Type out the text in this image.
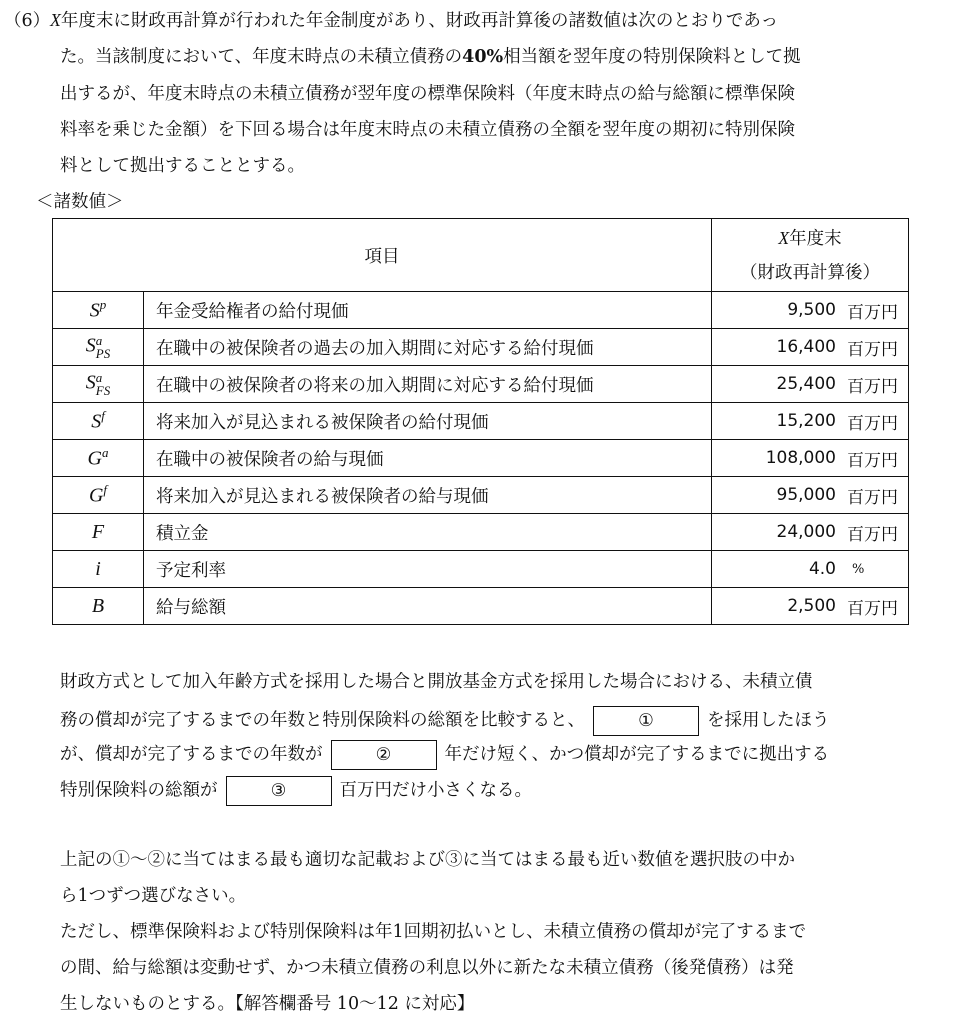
（6）X年度末に財政再計算が行われた年金制度があり、財政再計算後の諸数値は次のとおりであっ
た。当該制度において、年度末時点の未積立債務の40%相当額を翌年度の特別保険料として拠
出するが、年度末時点の未積立債務が翌年度の標準保険料（年度末時点の給与総額に標準保険
料率を乗じた金額）を下回る場合は年度末時点の未積立債務の全額を翌年度の期初に特別保険
料として拠出することとする。
＜諸数値＞
項目		X年度末
（財政再計算後）

$S^p$	年金受給権者の給付現価	9,500 百万円

S a
PS	在職中の被保険者の過去の加入期間に対応する給付現価	16,400 百万円

S a
FS	在職中の被保険者の将来の加入期間に対応する給付現価	25,400 百万円

$S^f$	将来加入が見込まれる被保険者の給付現価	15,200 百万円

$G^a$	在職中の被保険者の給与現価	108,000 百万円

$G^f$	将来加入が見込まれる被保険者の給与現価	95,000 百万円

F	積立金	24,000 百万円

i	予定利率	4.0 %

B	給与総額	2,500 百万円
財政方式として加入年齢方式を採用した場合と開放基金方式を採用した場合における、未積立債
務の償却が完了するまでの年数と特別保険料の総額を比較すると、	①	を採用したほう
が、償却が完了するまでの年数が	②	年だけ短く、かつ償却が完了するまでに拠出する
特別保険料の総額が	③	百万円だけ小さくなる。
上記の①～②に当てはまる最も適切な記載および③に当てはまる最も近い数値を選択肢の中か
ら1つずつ選びなさい。
ただし、標準保険料および特別保険料は年1回期初払いとし、未積立債務の償却が完了するまで
の間、給与総額は変動せず、かつ未積立債務の利息以外に新たな未積立債務（後発債務）は発
生しないものとする。【解答欄番号 10～12 に対応】
